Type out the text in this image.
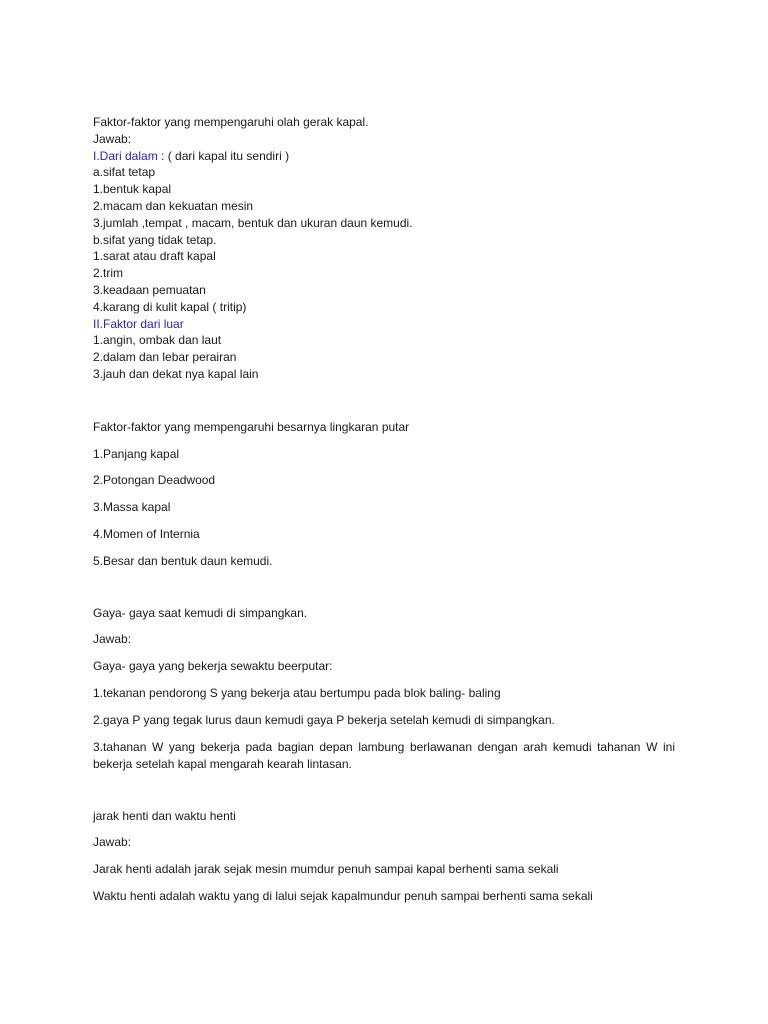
Faktor-faktor yang mempengaruhi olah gerak kapal.

Jawab:

I.Dari dalam : ( dari kapal itu sendiri )

a.sifat tetap

1.bentuk kapal

2.macam dan kekuatan mesin

3.jumlah ,tempat , macam, bentuk dan ukuran daun kemudi.

b.sifat yang tidak tetap.

1.sarat atau draft kapal

2.trim

3.keadaan pemuatan

4.karang di kulit kapal ( tritip)

II.Faktor dari luar

1.angin, ombak dan laut

2.dalam dan lebar perairan

3.jauh dan dekat nya kapal lain

Faktor-faktor yang mempengaruhi besarnya lingkaran putar

1.Panjang kapal

2.Potongan Deadwood

3.Massa kapal

4.Momen of Internia

5.Besar dan bentuk daun kemudi.

Gaya- gaya saat kemudi di simpangkan.

Jawab:

Gaya- gaya yang bekerja sewaktu beerputar:

1.tekanan pendorong S yang bekerja atau bertumpu pada blok baling- baling

2.gaya P yang tegak lurus daun kemudi gaya P bekerja setelah kemudi di simpangkan.

3.tahanan W yang bekerja pada bagian depan lambung berlawanan dengan arah kemudi tahanan W ini bekerja setelah kapal mengarah kearah lintasan.

jarak henti dan waktu henti

Jawab:

Jarak henti adalah jarak sejak mesin mumdur penuh sampai kapal berhenti sama sekali

Waktu henti adalah waktu yang di lalui sejak kapalmundur penuh sampai berhenti sama sekali
